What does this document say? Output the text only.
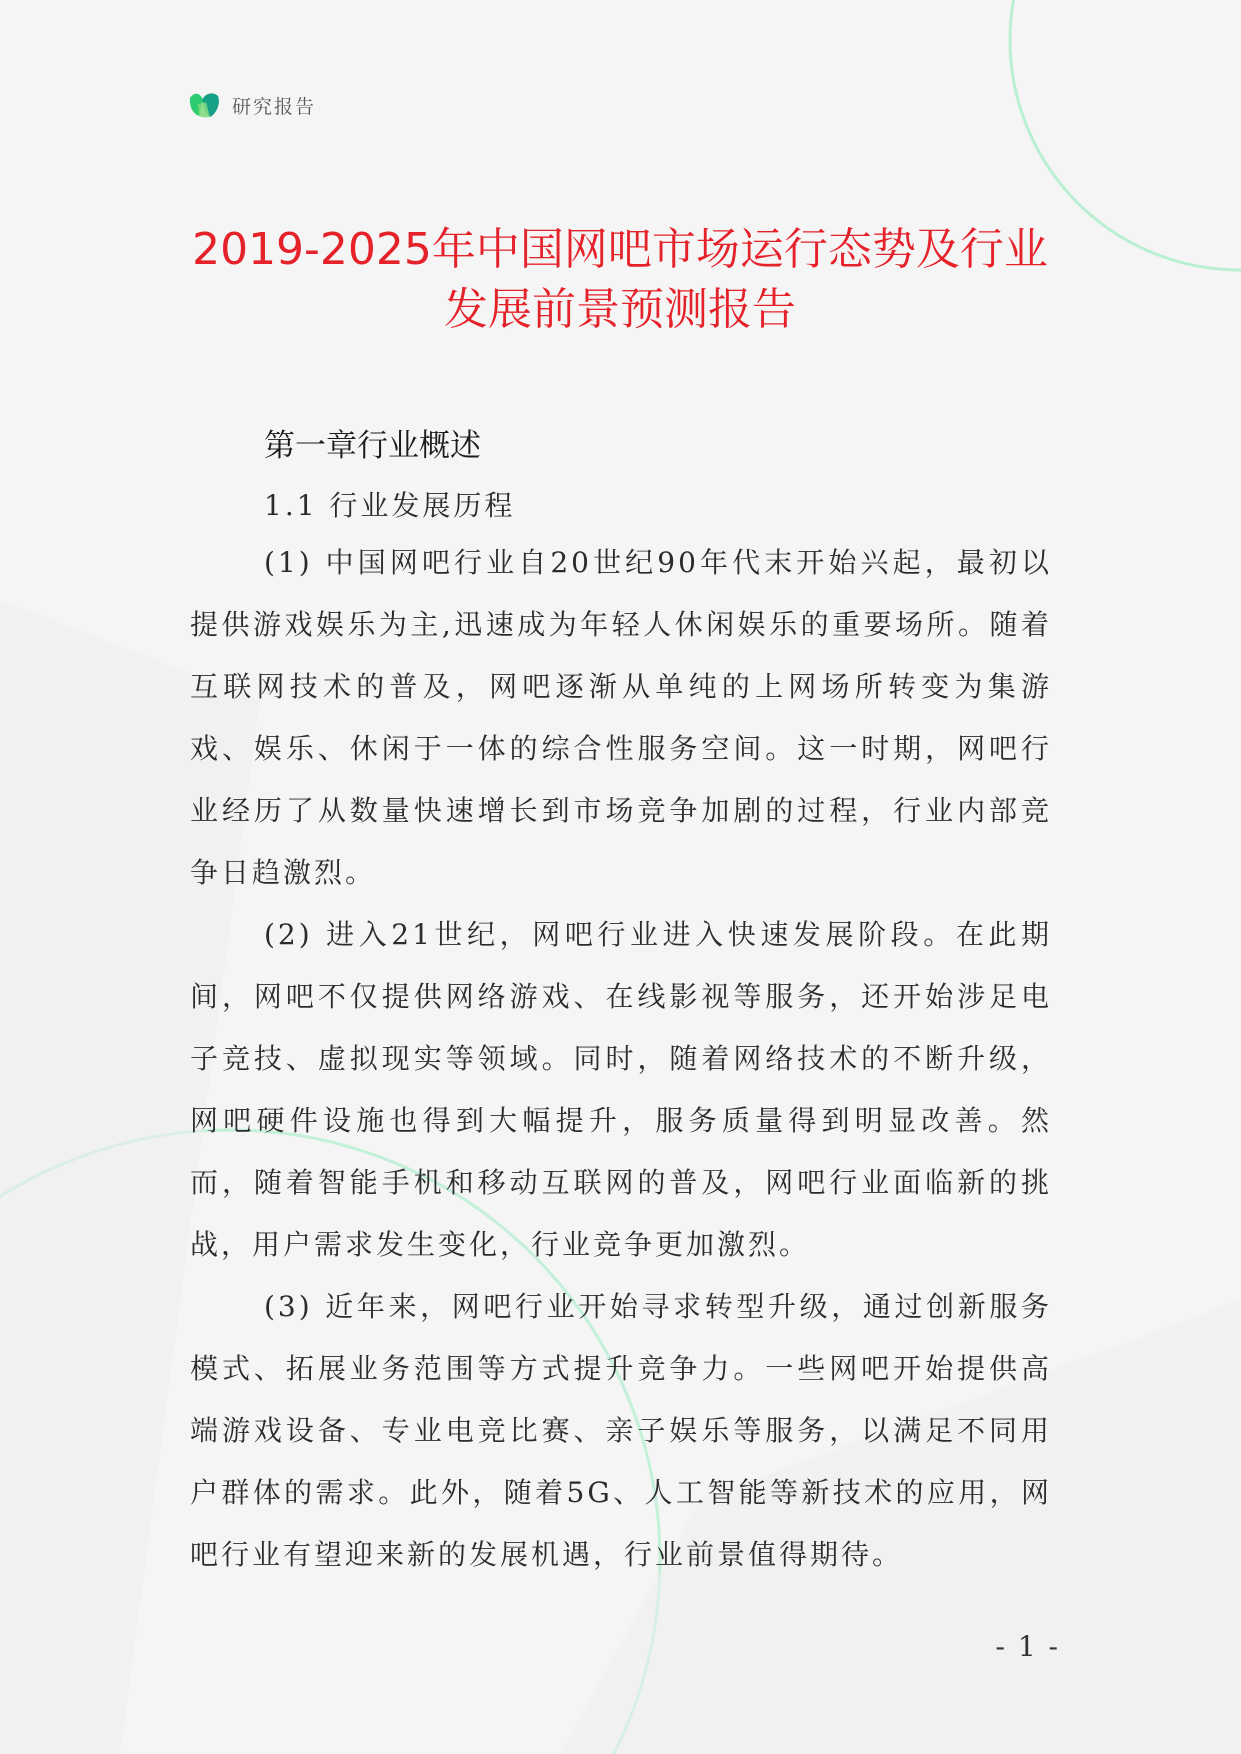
研究报告
2019-2025年中国网吧市场运行态势及行业
发展前景预测报告
第一章行业概述
1.1 行业发展历程

(1) 中国网吧行业自20世纪90年代末开始兴起，最初以提供游戏娱乐为主,迅速成为年轻人休闲娱乐的重要场所。随着互联网技术的普及，网吧逐渐从单纯的上网场所转变为集游戏、娱乐、休闲于一体的综合性服务空间。这一时期，网吧行业经历了从数量快速增长到市场竞争加剧的过程，行业内部竞争日趋激烈。

(2) 进入21世纪，网吧行业进入快速发展阶段。在此期间，网吧不仅提供网络游戏、在线影视等服务，还开始涉足电子竞技、虚拟现实等领域。同时，随着网络技术的不断升级，网吧硬件设施也得到大幅提升，服务质量得到明显改善。然而，随着智能手机和移动互联网的普及，网吧行业面临新的挑战，用户需求发生变化，行业竞争更加激烈。

(3) 近年来，网吧行业开始寻求转型升级，通过创新服务模式、拓展业务范围等方式提升竞争力。一些网吧开始提供高端游戏设备、专业电竞比赛、亲子娱乐等服务，以满足不同用户群体的需求。此外，随着5G、人工智能等新技术的应用，网吧行业有望迎来新的发展机遇，行业前景值得期待。

- 1 -
